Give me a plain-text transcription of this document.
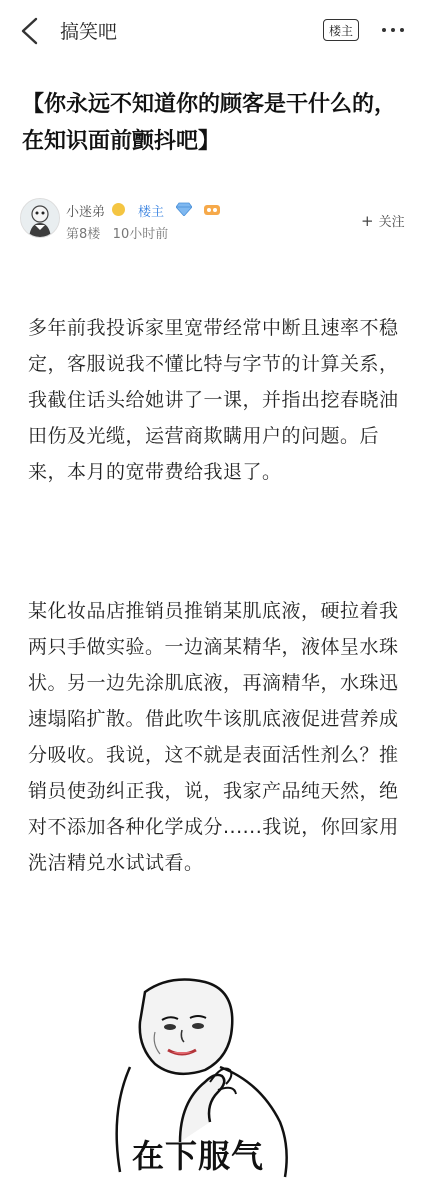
搞笑吧	楼主
【你永远不知道你的顾客是干什么的，在知识面前颤抖吧】
小迷弟	楼主
第8楼   10小时前
+ 关注
多年前我投诉家里宽带经常中断且速率不稳定，客服说我不懂比特与字节的计算关系，我截住话头给她讲了一课，并指出挖春晓油田伤及光缆，运营商欺瞒用户的问题。后来，本月的宽带费给我退了。
某化妆品店推销员推销某肌底液，硬拉着我两只手做实验。一边滴某精华，液体呈水珠状。另一边先涂肌底液，再滴精华，水珠迅速塌陷扩散。借此吹牛该肌底液促进营养成分吸收。我说，这不就是表面活性剂么？推销员使劲纠正我，说，我家产品纯天然，绝对不添加各种化学成分......我说，你回家用洗洁精兑水试试看。
在下服气
